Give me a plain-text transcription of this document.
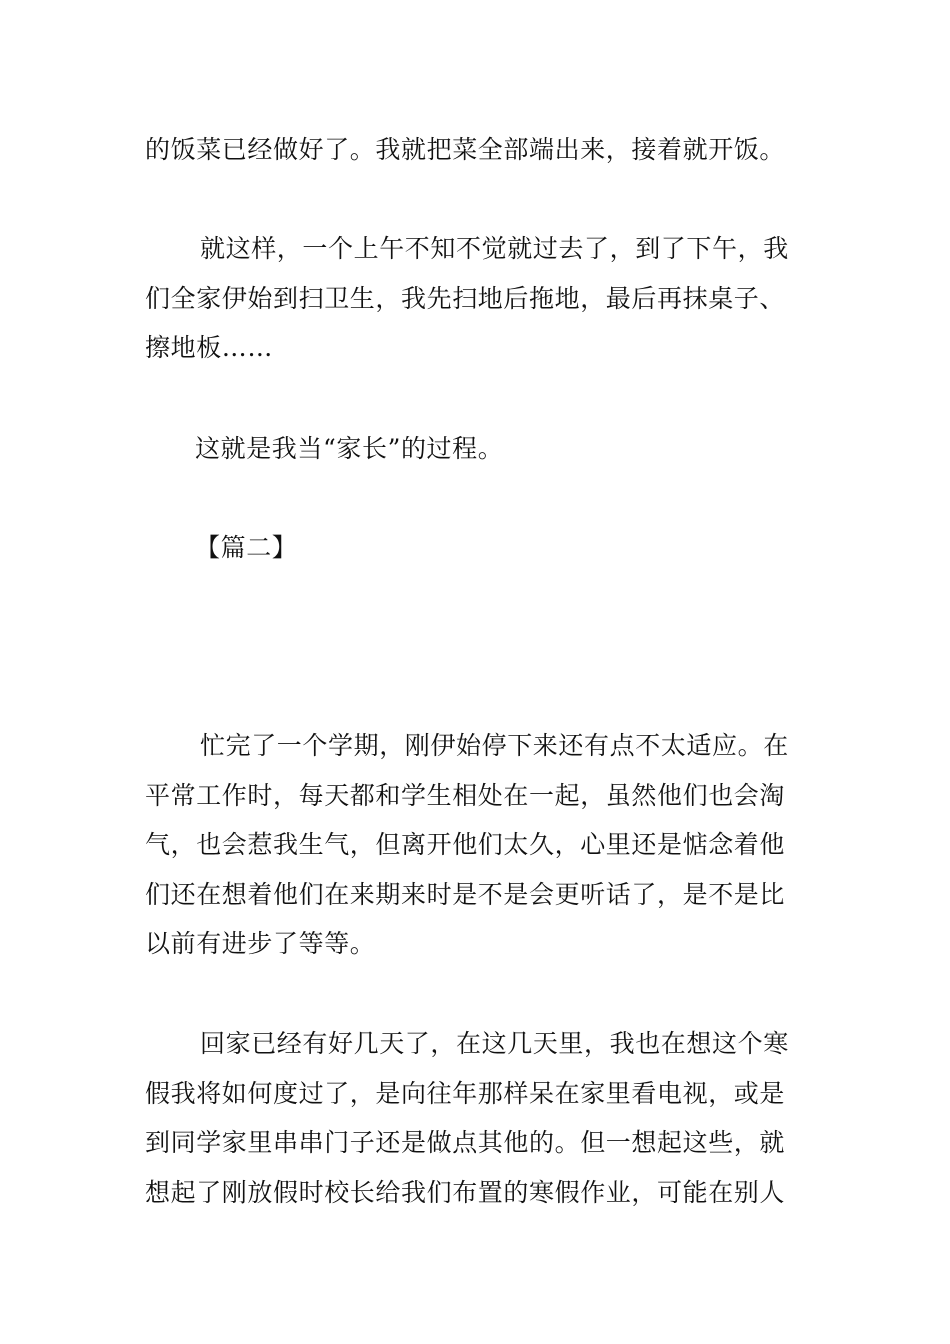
的饭菜已经做好了。我就把菜全部端出来，接着就开饭。

就这样，一个上午不知不觉就过去了，到了下午，我们全家伊始到扫卫生，我先扫地后拖地，最后再抹桌子、擦地板……

这就是我当“家长”的过程。

【篇二】

忙完了一个学期，刚伊始停下来还有点不太适应。在平常工作时，每天都和学生相处在一起，虽然他们也会淘气，也会惹我生气，但离开他们太久，心里还是惦念着他们还在想着他们在来期来时是不是会更听话了，是不是比以前有进步了等等。

回家已经有好几天了，在这几天里，我也在想这个寒假我将如何度过了，是向往年那样呆在家里看电视，或是到同学家里串串门子还是做点其他的。但一想起这些，就想起了刚放假时校长给我们布置的寒假作业，可能在别人
